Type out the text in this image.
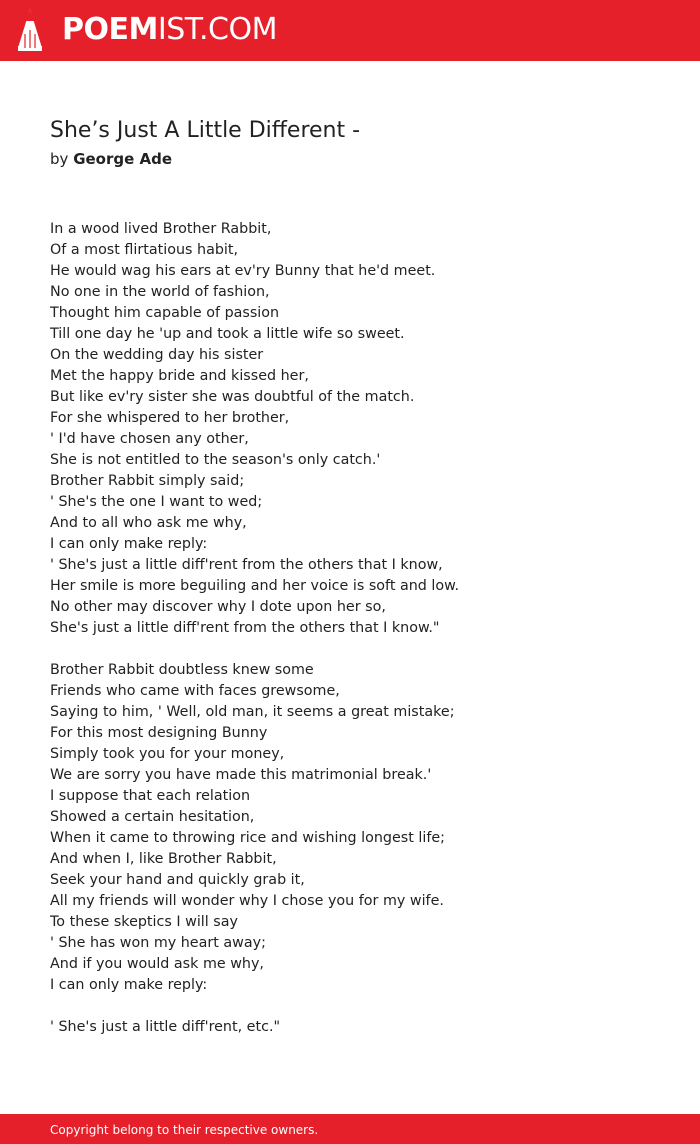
POEMIST.COM
She’s Just A Little Different -
by George Ade
In a wood lived Brother Rabbit,
Of a most flirtatious habit,
He would wag his ears at ev'ry Bunny that he'd meet.
No one in the world of fashion,
Thought him capable of passion
Till one day he 'up and took a little wife so sweet.
On the wedding day his sister
Met the happy bride and kissed her,
But like ev'ry sister she was doubtful of the match.
For she whispered to her brother,
' I'd have chosen any other,
She is not entitled to the season's only catch.'
Brother Rabbit simply said;
' She's the one I want to wed;
And to all who ask me why,
I can only make reply:
' She's just a little diff'rent from the others that I know,
Her smile is more beguiling and her voice is soft and low.
No other may discover why I dote upon her so,
She's just a little diff'rent from the others that I know."
Brother Rabbit doubtless knew some
Friends who came with faces grewsome,
Saying to him, ' Well, old man, it seems a great mistake;
For this most designing Bunny
Simply took you for your money,
We are sorry you have made this matrimonial break.'
I suppose that each relation
Showed a certain hesitation,
When it came to throwing rice and wishing longest life;
And when I, like Brother Rabbit,
Seek your hand and quickly grab it,
All my friends will wonder why I chose you for my wife.
To these skeptics I will say
' She has won my heart away;
And if you would ask me why,
I can only make reply:
' She's just a little diff'rent, etc."
Copyright belong to their respective owners.
